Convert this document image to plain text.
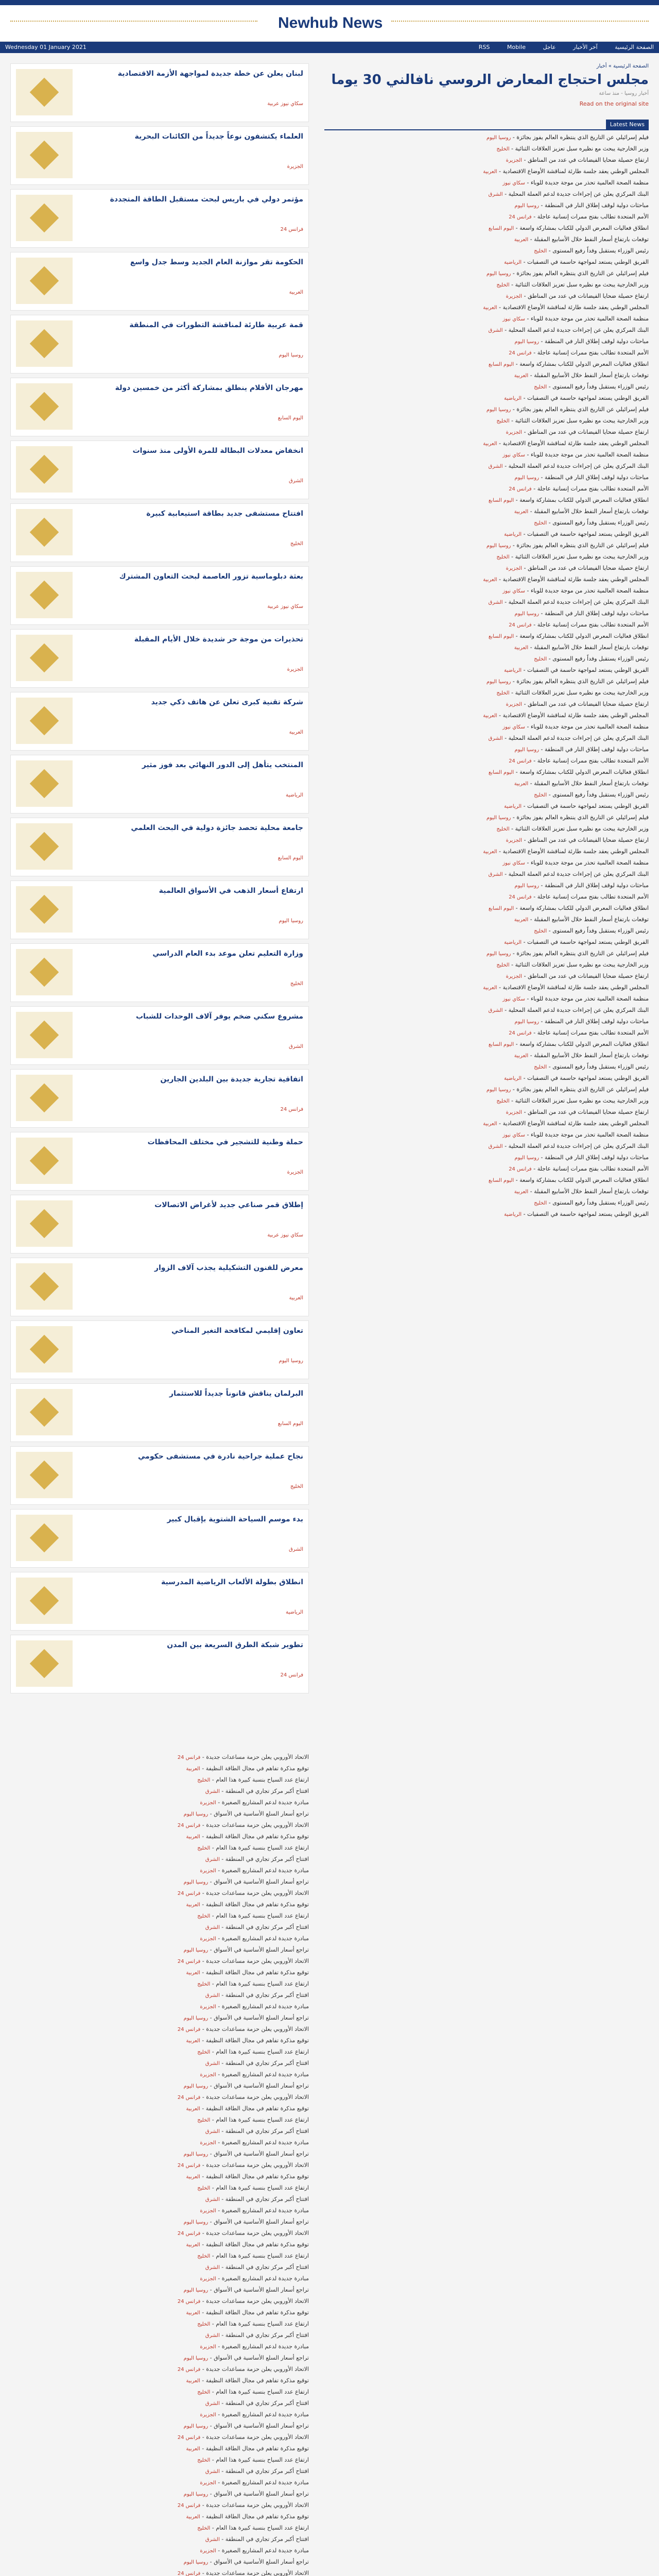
Newhub News
Wednesday 01 January 2021	الصفحة الرئيسية آخر الأخبار عاجل RSS	Mobile
لبنان يعلن عن خطة جديدة لمواجهة الأزمة الاقتصادية
سكاي نيوز عربية
العلماء يكتشفون نوعاً جديداً من الكائنات البحرية
الجزيرة
مؤتمر دولي في باريس لبحث مستقبل الطاقة المتجددة
فرانس 24
الحكومة تقر موازنة العام الجديد وسط جدل واسع
العربية
قمة عربية طارئة لمناقشة التطورات في المنطقة
روسيا اليوم
مهرجان الأفلام ينطلق بمشاركة أكثر من خمسين دولة
اليوم السابع
انخفاض معدلات البطالة للمرة الأولى منذ سنوات
الشرق
افتتاح مستشفى جديد بطاقة استيعابية كبيرة
الخليج
بعثة دبلوماسية تزور العاصمة لبحث التعاون المشترك
سكاي نيوز عربية
تحذيرات من موجة حر شديدة خلال الأيام المقبلة
الجزيرة
شركة تقنية كبرى تعلن عن هاتف ذكي جديد
العربية
المنتخب يتأهل إلى الدور النهائي بعد فوز مثير
الرياضية
جامعة محلية تحصد جائزة دولية في البحث العلمي
اليوم السابع
ارتفاع أسعار الذهب في الأسواق العالمية
روسيا اليوم
وزارة التعليم تعلن موعد بدء العام الدراسي
الخليج
مشروع سكني ضخم يوفر آلاف الوحدات للشباب
الشرق
اتفاقية تجارية جديدة بين البلدين الجارين
فرانس 24
حملة وطنية للتشجير في مختلف المحافظات
الجزيرة
إطلاق قمر صناعي جديد لأغراض الاتصالات
سكاي نيوز عربية
معرض للفنون التشكيلية يجذب آلاف الزوار
العربية
تعاون إقليمي لمكافحة التغير المناخي
روسيا اليوم
البرلمان يناقش قانوناً جديداً للاستثمار
اليوم السابع
نجاح عملية جراحية نادرة في مستشفى حكومي
الخليج
بدء موسم السياحة الشتوية بإقبال كبير
الشرق
انطلاق بطولة الألعاب الرياضية المدرسية
الرياضية
تطوير شبكة الطرق السريعة بين المدن
فرانس 24
الاتحاد الأوروبي يعلن حزمة مساعدات جديدة - فرانس 24
توقيع مذكرة تفاهم في مجال الطاقة النظيفة - العربية
ارتفاع عدد السياح بنسبة كبيرة هذا العام - الخليج
افتتاح أكبر مركز تجاري في المنطقة - الشرق
مبادرة جديدة لدعم المشاريع الصغيرة - الجزيرة
تراجع أسعار السلع الأساسية في الأسواق - روسيا اليوم
الاتحاد الأوروبي يعلن حزمة مساعدات جديدة - فرانس 24
توقيع مذكرة تفاهم في مجال الطاقة النظيفة - العربية
ارتفاع عدد السياح بنسبة كبيرة هذا العام - الخليج
افتتاح أكبر مركز تجاري في المنطقة - الشرق
مبادرة جديدة لدعم المشاريع الصغيرة - الجزيرة
تراجع أسعار السلع الأساسية في الأسواق - روسيا اليوم
الاتحاد الأوروبي يعلن حزمة مساعدات جديدة - فرانس 24
توقيع مذكرة تفاهم في مجال الطاقة النظيفة - العربية
ارتفاع عدد السياح بنسبة كبيرة هذا العام - الخليج
افتتاح أكبر مركز تجاري في المنطقة - الشرق
مبادرة جديدة لدعم المشاريع الصغيرة - الجزيرة
تراجع أسعار السلع الأساسية في الأسواق - روسيا اليوم
الاتحاد الأوروبي يعلن حزمة مساعدات جديدة - فرانس 24
توقيع مذكرة تفاهم في مجال الطاقة النظيفة - العربية
ارتفاع عدد السياح بنسبة كبيرة هذا العام - الخليج
افتتاح أكبر مركز تجاري في المنطقة - الشرق
مبادرة جديدة لدعم المشاريع الصغيرة - الجزيرة
تراجع أسعار السلع الأساسية في الأسواق - روسيا اليوم
الاتحاد الأوروبي يعلن حزمة مساعدات جديدة - فرانس 24
توقيع مذكرة تفاهم في مجال الطاقة النظيفة - العربية
ارتفاع عدد السياح بنسبة كبيرة هذا العام - الخليج
افتتاح أكبر مركز تجاري في المنطقة - الشرق
مبادرة جديدة لدعم المشاريع الصغيرة - الجزيرة
تراجع أسعار السلع الأساسية في الأسواق - روسيا اليوم
الاتحاد الأوروبي يعلن حزمة مساعدات جديدة - فرانس 24
توقيع مذكرة تفاهم في مجال الطاقة النظيفة - العربية
ارتفاع عدد السياح بنسبة كبيرة هذا العام - الخليج
افتتاح أكبر مركز تجاري في المنطقة - الشرق
مبادرة جديدة لدعم المشاريع الصغيرة - الجزيرة
تراجع أسعار السلع الأساسية في الأسواق - روسيا اليوم
الاتحاد الأوروبي يعلن حزمة مساعدات جديدة - فرانس 24
توقيع مذكرة تفاهم في مجال الطاقة النظيفة - العربية
ارتفاع عدد السياح بنسبة كبيرة هذا العام - الخليج
افتتاح أكبر مركز تجاري في المنطقة - الشرق
مبادرة جديدة لدعم المشاريع الصغيرة - الجزيرة
تراجع أسعار السلع الأساسية في الأسواق - روسيا اليوم
الاتحاد الأوروبي يعلن حزمة مساعدات جديدة - فرانس 24
توقيع مذكرة تفاهم في مجال الطاقة النظيفة - العربية
ارتفاع عدد السياح بنسبة كبيرة هذا العام - الخليج
افتتاح أكبر مركز تجاري في المنطقة - الشرق
مبادرة جديدة لدعم المشاريع الصغيرة - الجزيرة
تراجع أسعار السلع الأساسية في الأسواق - روسيا اليوم
الاتحاد الأوروبي يعلن حزمة مساعدات جديدة - فرانس 24
توقيع مذكرة تفاهم في مجال الطاقة النظيفة - العربية
ارتفاع عدد السياح بنسبة كبيرة هذا العام - الخليج
افتتاح أكبر مركز تجاري في المنطقة - الشرق
مبادرة جديدة لدعم المشاريع الصغيرة - الجزيرة
تراجع أسعار السلع الأساسية في الأسواق - روسيا اليوم
الاتحاد الأوروبي يعلن حزمة مساعدات جديدة - فرانس 24
توقيع مذكرة تفاهم في مجال الطاقة النظيفة - العربية
ارتفاع عدد السياح بنسبة كبيرة هذا العام - الخليج
افتتاح أكبر مركز تجاري في المنطقة - الشرق
مبادرة جديدة لدعم المشاريع الصغيرة - الجزيرة
تراجع أسعار السلع الأساسية في الأسواق - روسيا اليوم
الاتحاد الأوروبي يعلن حزمة مساعدات جديدة - فرانس 24
توقيع مذكرة تفاهم في مجال الطاقة النظيفة - العربية
ارتفاع عدد السياح بنسبة كبيرة هذا العام - الخليج
افتتاح أكبر مركز تجاري في المنطقة - الشرق
مبادرة جديدة لدعم المشاريع الصغيرة - الجزيرة
تراجع أسعار السلع الأساسية في الأسواق - روسيا اليوم
الاتحاد الأوروبي يعلن حزمة مساعدات جديدة - فرانس 24
توقيع مذكرة تفاهم في مجال الطاقة النظيفة - العربية
ارتفاع عدد السياح بنسبة كبيرة هذا العام - الخليج
افتتاح أكبر مركز تجاري في المنطقة - الشرق
مبادرة جديدة لدعم المشاريع الصغيرة - الجزيرة
تراجع أسعار السلع الأساسية في الأسواق - روسيا اليوم
الاتحاد الأوروبي يعلن حزمة مساعدات جديدة - فرانس 24
الصفحة الرئيسية » أخبار
مجلس احتجاج المعارض الروسي نافالني 30 يوما
أخبار روسيا - منذ ساعة
Read on the original site
Latest News
فيلم إسرائيلي عن التاريخ الذي ينتظره العالم يفوز بجائزة - روسيا اليوم
وزير الخارجية يبحث مع نظيره سبل تعزيز العلاقات الثنائية - الخليج
ارتفاع حصيلة ضحايا الفيضانات في عدد من المناطق - الجزيرة
المجلس الوطني يعقد جلسة طارئة لمناقشة الأوضاع الاقتصادية - العربية
منظمة الصحة العالمية تحذر من موجة جديدة للوباء - سكاي نيوز
البنك المركزي يعلن عن إجراءات جديدة لدعم العملة المحلية - الشرق
مباحثات دولية لوقف إطلاق النار في المنطقة - روسيا اليوم
الأمم المتحدة تطالب بفتح ممرات إنسانية عاجلة - فرانس 24
انطلاق فعاليات المعرض الدولي للكتاب بمشاركة واسعة - اليوم السابع
توقعات بارتفاع أسعار النفط خلال الأسابيع المقبلة - العربية
رئيس الوزراء يستقبل وفداً رفيع المستوى - الخليج
الفريق الوطني يستعد لمواجهة حاسمة في التصفيات - الرياضية
فيلم إسرائيلي عن التاريخ الذي ينتظره العالم يفوز بجائزة - روسيا اليوم
وزير الخارجية يبحث مع نظيره سبل تعزيز العلاقات الثنائية - الخليج
ارتفاع حصيلة ضحايا الفيضانات في عدد من المناطق - الجزيرة
المجلس الوطني يعقد جلسة طارئة لمناقشة الأوضاع الاقتصادية - العربية
منظمة الصحة العالمية تحذر من موجة جديدة للوباء - سكاي نيوز
البنك المركزي يعلن عن إجراءات جديدة لدعم العملة المحلية - الشرق
مباحثات دولية لوقف إطلاق النار في المنطقة - روسيا اليوم
الأمم المتحدة تطالب بفتح ممرات إنسانية عاجلة - فرانس 24
انطلاق فعاليات المعرض الدولي للكتاب بمشاركة واسعة - اليوم السابع
توقعات بارتفاع أسعار النفط خلال الأسابيع المقبلة - العربية
رئيس الوزراء يستقبل وفداً رفيع المستوى - الخليج
الفريق الوطني يستعد لمواجهة حاسمة في التصفيات - الرياضية
فيلم إسرائيلي عن التاريخ الذي ينتظره العالم يفوز بجائزة - روسيا اليوم
وزير الخارجية يبحث مع نظيره سبل تعزيز العلاقات الثنائية - الخليج
ارتفاع حصيلة ضحايا الفيضانات في عدد من المناطق - الجزيرة
المجلس الوطني يعقد جلسة طارئة لمناقشة الأوضاع الاقتصادية - العربية
منظمة الصحة العالمية تحذر من موجة جديدة للوباء - سكاي نيوز
البنك المركزي يعلن عن إجراءات جديدة لدعم العملة المحلية - الشرق
مباحثات دولية لوقف إطلاق النار في المنطقة - روسيا اليوم
الأمم المتحدة تطالب بفتح ممرات إنسانية عاجلة - فرانس 24
انطلاق فعاليات المعرض الدولي للكتاب بمشاركة واسعة - اليوم السابع
توقعات بارتفاع أسعار النفط خلال الأسابيع المقبلة - العربية
رئيس الوزراء يستقبل وفداً رفيع المستوى - الخليج
الفريق الوطني يستعد لمواجهة حاسمة في التصفيات - الرياضية
فيلم إسرائيلي عن التاريخ الذي ينتظره العالم يفوز بجائزة - روسيا اليوم
وزير الخارجية يبحث مع نظيره سبل تعزيز العلاقات الثنائية - الخليج
ارتفاع حصيلة ضحايا الفيضانات في عدد من المناطق - الجزيرة
المجلس الوطني يعقد جلسة طارئة لمناقشة الأوضاع الاقتصادية - العربية
منظمة الصحة العالمية تحذر من موجة جديدة للوباء - سكاي نيوز
البنك المركزي يعلن عن إجراءات جديدة لدعم العملة المحلية - الشرق
مباحثات دولية لوقف إطلاق النار في المنطقة - روسيا اليوم
الأمم المتحدة تطالب بفتح ممرات إنسانية عاجلة - فرانس 24
انطلاق فعاليات المعرض الدولي للكتاب بمشاركة واسعة - اليوم السابع
توقعات بارتفاع أسعار النفط خلال الأسابيع المقبلة - العربية
رئيس الوزراء يستقبل وفداً رفيع المستوى - الخليج
الفريق الوطني يستعد لمواجهة حاسمة في التصفيات - الرياضية
فيلم إسرائيلي عن التاريخ الذي ينتظره العالم يفوز بجائزة - روسيا اليوم
وزير الخارجية يبحث مع نظيره سبل تعزيز العلاقات الثنائية - الخليج
ارتفاع حصيلة ضحايا الفيضانات في عدد من المناطق - الجزيرة
المجلس الوطني يعقد جلسة طارئة لمناقشة الأوضاع الاقتصادية - العربية
منظمة الصحة العالمية تحذر من موجة جديدة للوباء - سكاي نيوز
البنك المركزي يعلن عن إجراءات جديدة لدعم العملة المحلية - الشرق
مباحثات دولية لوقف إطلاق النار في المنطقة - روسيا اليوم
الأمم المتحدة تطالب بفتح ممرات إنسانية عاجلة - فرانس 24
انطلاق فعاليات المعرض الدولي للكتاب بمشاركة واسعة - اليوم السابع
توقعات بارتفاع أسعار النفط خلال الأسابيع المقبلة - العربية
رئيس الوزراء يستقبل وفداً رفيع المستوى - الخليج
الفريق الوطني يستعد لمواجهة حاسمة في التصفيات - الرياضية
فيلم إسرائيلي عن التاريخ الذي ينتظره العالم يفوز بجائزة - روسيا اليوم
وزير الخارجية يبحث مع نظيره سبل تعزيز العلاقات الثنائية - الخليج
ارتفاع حصيلة ضحايا الفيضانات في عدد من المناطق - الجزيرة
المجلس الوطني يعقد جلسة طارئة لمناقشة الأوضاع الاقتصادية - العربية
منظمة الصحة العالمية تحذر من موجة جديدة للوباء - سكاي نيوز
البنك المركزي يعلن عن إجراءات جديدة لدعم العملة المحلية - الشرق
مباحثات دولية لوقف إطلاق النار في المنطقة - روسيا اليوم
الأمم المتحدة تطالب بفتح ممرات إنسانية عاجلة - فرانس 24
انطلاق فعاليات المعرض الدولي للكتاب بمشاركة واسعة - اليوم السابع
توقعات بارتفاع أسعار النفط خلال الأسابيع المقبلة - العربية
رئيس الوزراء يستقبل وفداً رفيع المستوى - الخليج
الفريق الوطني يستعد لمواجهة حاسمة في التصفيات - الرياضية
فيلم إسرائيلي عن التاريخ الذي ينتظره العالم يفوز بجائزة - روسيا اليوم
وزير الخارجية يبحث مع نظيره سبل تعزيز العلاقات الثنائية - الخليج
ارتفاع حصيلة ضحايا الفيضانات في عدد من المناطق - الجزيرة
المجلس الوطني يعقد جلسة طارئة لمناقشة الأوضاع الاقتصادية - العربية
منظمة الصحة العالمية تحذر من موجة جديدة للوباء - سكاي نيوز
البنك المركزي يعلن عن إجراءات جديدة لدعم العملة المحلية - الشرق
مباحثات دولية لوقف إطلاق النار في المنطقة - روسيا اليوم
الأمم المتحدة تطالب بفتح ممرات إنسانية عاجلة - فرانس 24
انطلاق فعاليات المعرض الدولي للكتاب بمشاركة واسعة - اليوم السابع
توقعات بارتفاع أسعار النفط خلال الأسابيع المقبلة - العربية
رئيس الوزراء يستقبل وفداً رفيع المستوى - الخليج
الفريق الوطني يستعد لمواجهة حاسمة في التصفيات - الرياضية
فيلم إسرائيلي عن التاريخ الذي ينتظره العالم يفوز بجائزة - روسيا اليوم
وزير الخارجية يبحث مع نظيره سبل تعزيز العلاقات الثنائية - الخليج
ارتفاع حصيلة ضحايا الفيضانات في عدد من المناطق - الجزيرة
المجلس الوطني يعقد جلسة طارئة لمناقشة الأوضاع الاقتصادية - العربية
منظمة الصحة العالمية تحذر من موجة جديدة للوباء - سكاي نيوز
البنك المركزي يعلن عن إجراءات جديدة لدعم العملة المحلية - الشرق
مباحثات دولية لوقف إطلاق النار في المنطقة - روسيا اليوم
الأمم المتحدة تطالب بفتح ممرات إنسانية عاجلة - فرانس 24
انطلاق فعاليات المعرض الدولي للكتاب بمشاركة واسعة - اليوم السابع
توقعات بارتفاع أسعار النفط خلال الأسابيع المقبلة - العربية
رئيس الوزراء يستقبل وفداً رفيع المستوى - الخليج
الفريق الوطني يستعد لمواجهة حاسمة في التصفيات - الرياضية
